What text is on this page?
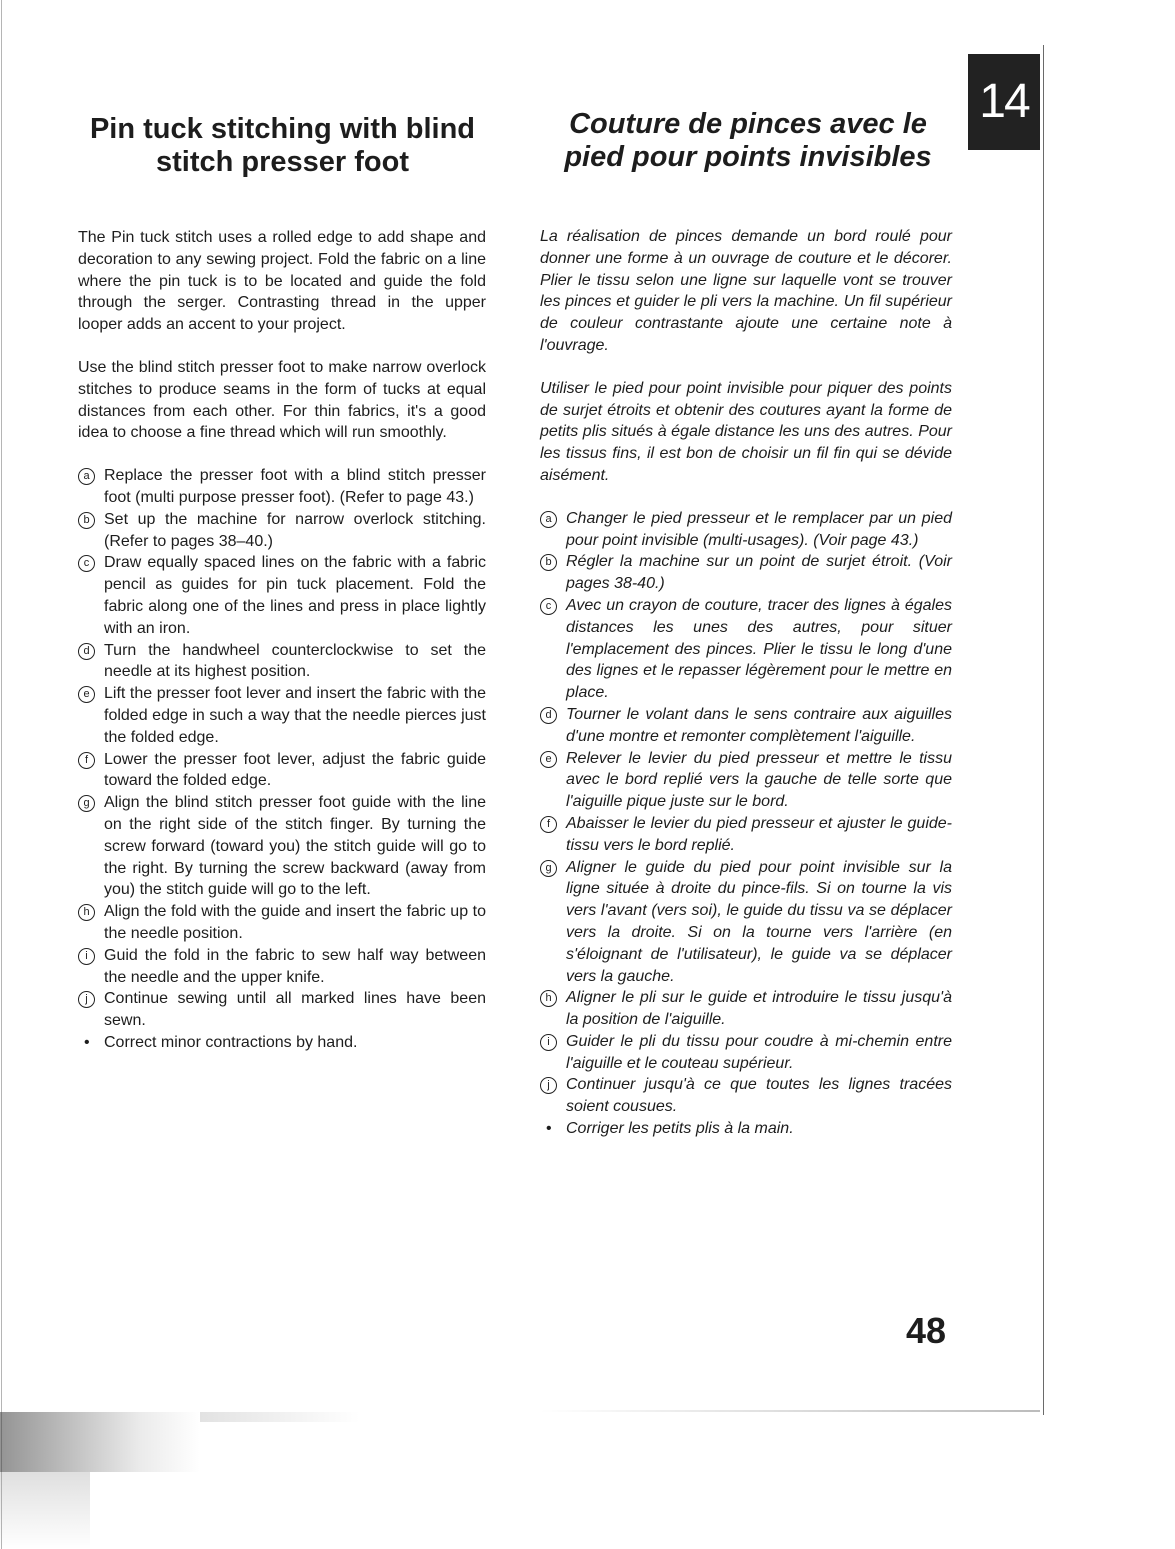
14
Pin tuck stitching with blind stitch presser foot
Couture de pinces avec le pied pour points invisibles

The Pin tuck stitch uses a rolled edge to add shape and decoration to any sewing project. Fold the fabric on a line where the pin tuck is to be located and guide the fold through the serger. Contrasting thread in the upper looper adds an accent to your project.

Use the blind stitch presser foot to make narrow overlock stitches to produce seams in the form of tucks at equal distances from each other. For thin fabrics, it's a good idea to choose a fine thread which will run smoothly.

a Replace the presser foot with a blind stitch presser foot (multi purpose presser foot). (Refer to page 43.)
b Set up the machine for narrow overlock stitching. (Refer to pages 38–40.)
c Draw equally spaced lines on the fabric with a fabric pencil as guides for pin tuck placement. Fold the fabric along one of the lines and press in place lightly with an iron.
d Turn the handwheel counterclockwise to set the needle at its highest position.
e Lift the presser foot lever and insert the fabric with the folded edge in such a way that the needle pierces just the folded edge.
f Lower the presser foot lever, adjust the fabric guide toward the folded edge.
g Align the blind stitch presser foot guide with the line on the right side of the stitch finger. By turning the screw forward (toward you) the stitch guide will go to the right. By turning the screw backward (away from you) the stitch guide will go to the left.
h Align the fold with the guide and insert the fabric up to the needle position.
i	Guid the fold in the fabric to sew half way between the needle and the upper knife.
j	Continue sewing until all marked lines have been sewn.
• Correct minor contractions by hand.

La réalisation de pinces demande un bord roulé pour donner une forme à un ouvrage de couture et le décorer. Plier le tissu selon une ligne sur laquelle vont se trouver les pinces et guider le pli vers la machine. Un fil supérieur de couleur contrastante ajoute une certaine note à l'ouvrage.

Utiliser le pied pour point invisible pour piquer des points de surjet étroits et obtenir des coutures ayant la forme de petits plis situés à égale distance les uns des autres. Pour les tissus fins, il est bon de choisir un fil fin qui se dévide aisément.

a Changer le pied presseur et le remplacer par un pied pour point invisible (multi-usages). (Voir page 43.)
b Régler la machine sur un point de surjet étroit. (Voir pages 38-40.)
c Avec un crayon de couture, tracer des lignes à égales distances les unes des autres, pour situer l'emplacement des pinces. Plier le tissu le long d'une des lignes et le repasser légèrement pour le mettre en place.
d Tourner le volant dans le sens contraire aux aiguilles d'une montre et remonter complètement l'aiguille.
e Relever le levier du pied presseur et mettre le tissu avec le bord replié vers la gauche de telle sorte que l'aiguille pique juste sur le bord.
f Abaisser le levier du pied presseur et ajuster le guide-tissu vers le bord replié.
g Aligner le guide du pied pour point invisible sur la ligne située à droite du pince-fils. Si on tourne la vis vers l'avant (vers soi), le guide du tissu va se déplacer vers la droite. Si on la tourne vers l'arrière (en s'éloignant de l'utilisateur), le guide va se déplacer vers la gauche.
h Aligner le pli sur le guide et introduire le tissu jusqu'à la position de l'aiguille.
i	Guider le pli du tissu pour coudre à mi-chemin entre l'aiguille et le couteau supérieur.
j	Continuer jusqu'à ce que toutes les lignes tracées soient cousues.
• Corriger les petits plis à la main.
48
